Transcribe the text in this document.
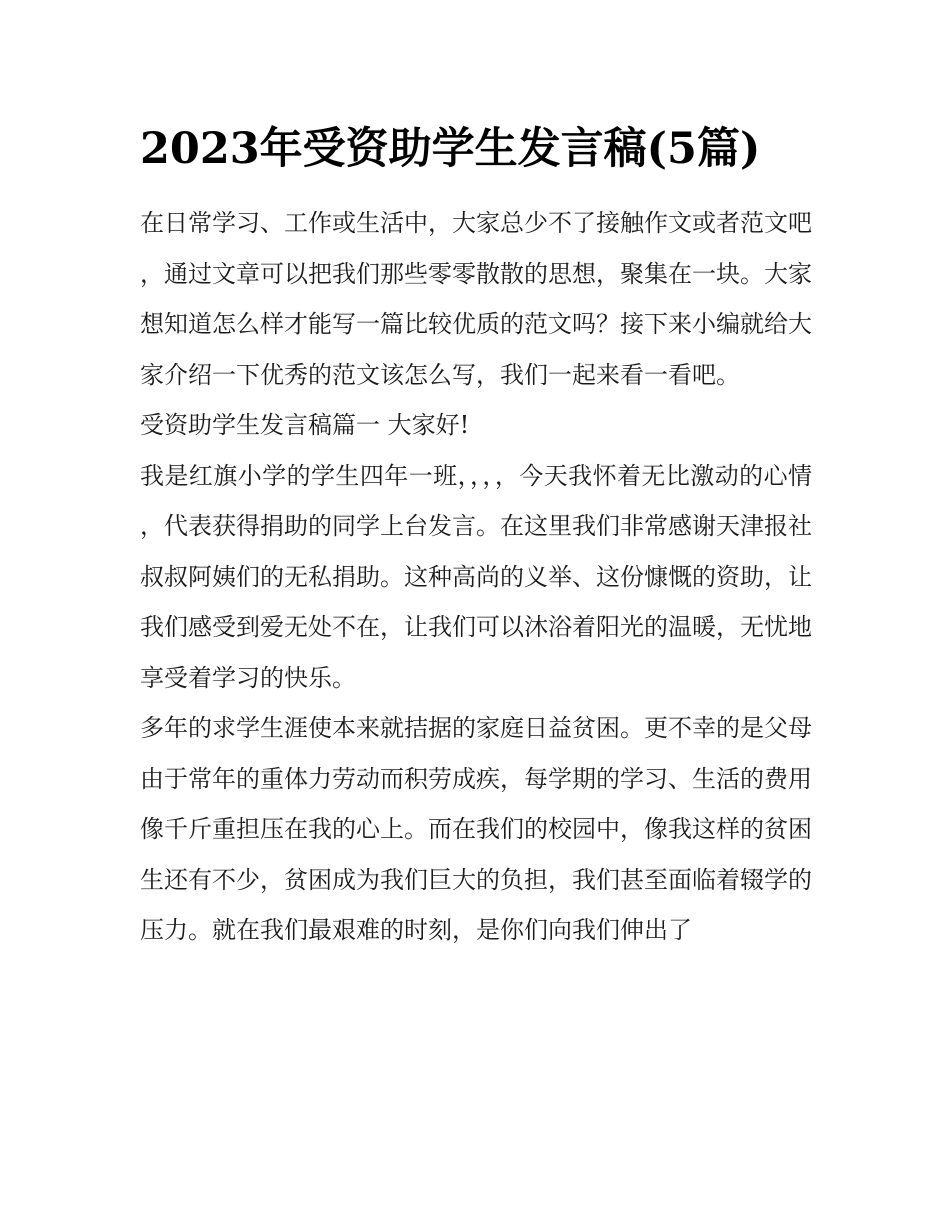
2023年受资助学生发言稿(5篇)

在日常学习、工作或生活中，大家总少不了接触作文或者范文吧，通过文章可以把我们那些零零散散的思想，聚集在一块。大家想知道怎么样才能写一篇比较优质的范文吗？接下来小编就给大家介绍一下优秀的范文该怎么写，我们一起来看一看吧。

受资助学生发言稿篇一 大家好!

我是红旗小学的学生四年一班，，，，今天我怀着无比激动的心情，代表获得捐助的同学上台发言。在这里我们非常感谢天津报社叔叔阿姨们的无私捐助。这种高尚的义举、这份慷慨的资助，让我们感受到爱无处不在，让我们可以沐浴着阳光的温暖，无忧地享受着学习的快乐。

多年的求学生涯使本来就拮据的家庭日益贫困。更不幸的是父母由于常年的重体力劳动而积劳成疾，每学期的学习、生活的费用像千斤重担压在我的心上。而在我们的校园中，像我这样的贫困生还有不少，贫困成为我们巨大的负担，我们甚至面临着辍学的压力。就在我们最艰难的时刻，是你们向我们伸出了
